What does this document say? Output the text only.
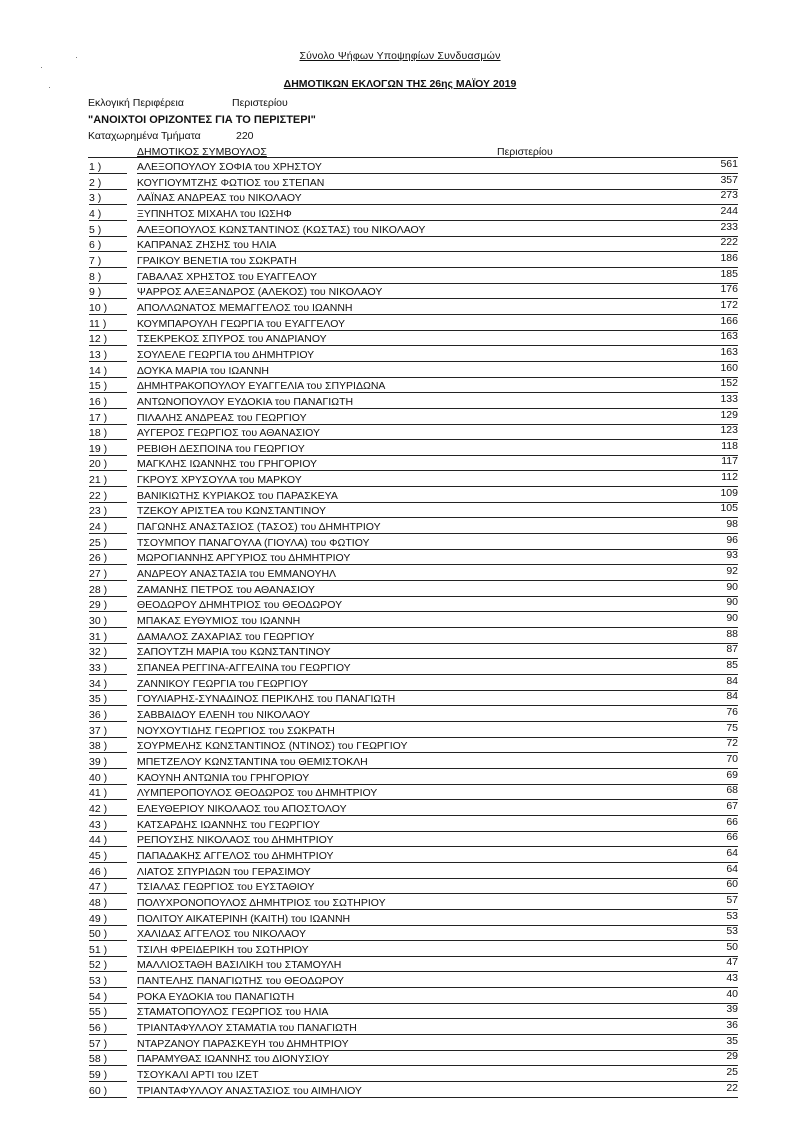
Σύνολο Ψήφων Υποψηφίων Συνδυασμών
ΔΗΜΟΤΙΚΩΝ ΕΚΛΟΓΩΝ ΤΗΣ 26ης ΜΑΪΟΥ 2019
Εκλογική Περιφέρεια	Περιστερίου
"ΑΝΟΙΧΤΟΙ ΟΡΙΖΟΝΤΕΣ ΓΙΑ ΤΟ ΠΕΡΙΣΤΕΡΙ"
Καταχωρημένα Τμήματα	220
ΔΗΜΟΤΙΚΟΣ ΣΥΜΒΟΥΛΟΣ	Περιστερίου
1 )	ΑΛΕΞΟΠΟΥΛΟΥ ΣΟΦΙΑ του ΧΡΗΣΤΟΥ	561
2 )	ΚΟΥΓΙΟΥΜΤΖΗΣ ΦΩΤΙΟΣ του ΣΤΕΠΑΝ	357
3 )	ΛΑΪΝΑΣ ΑΝΔΡΕΑΣ του ΝΙΚΟΛΑΟΥ	273
4 )	ΞΥΠΝΗΤΟΣ ΜΙΧΑΗΛ του ΙΩΣΗΦ	244
5 )	ΑΛΕΞΟΠΟΥΛΟΣ ΚΩΝΣΤΑΝΤΙΝΟΣ (ΚΩΣΤΑΣ) του ΝΙΚΟΛΑΟΥ	233
6 )	ΚΑΠΡΑΝΑΣ ΖΗΣΗΣ του ΗΛΙΑ	222
7 )	ΓΡΑΙΚΟΥ ΒΕΝΕΤΙΑ του ΣΩΚΡΑΤΗ	186
8 )	ΓΑΒΑΛΑΣ ΧΡΗΣΤΟΣ του ΕΥΑΓΓΕΛΟΥ	185
9 )	ΨΑΡΡΟΣ ΑΛΕΞΑΝΔΡΟΣ (ΑΛΕΚΟΣ) του ΝΙΚΟΛΑΟΥ	176
10 )	ΑΠΟΛΛΩΝΑΤΟΣ ΜΕΜΑΓΓΕΛΟΣ του ΙΩΑΝΝΗ	172
11 )	ΚΟΥΜΠΑΡΟΥΛΗ ΓΕΩΡΓΙΑ του ΕΥΑΓΓΕΛΟΥ	166
12 )	ΤΣΕΚΡΕΚΟΣ ΣΠΥΡΟΣ του ΑΝΔΡΙΑΝΟΥ	163
13 )	ΣΟΥΛΕΛΕ ΓΕΩΡΓΙΑ του ΔΗΜΗΤΡΙΟΥ	163
14 )	ΔΟΥΚΑ ΜΑΡΙΑ του ΙΩΑΝΝΗ	160
15 )	ΔΗΜΗΤΡΑΚΟΠΟΥΛΟΥ ΕΥΑΓΓΕΛΙΑ του ΣΠΥΡΙΔΩΝΑ	152
16 )	ΑΝΤΩΝΟΠΟΥΛΟΥ ΕΥΔΟΚΙΑ του ΠΑΝΑΓΙΩΤΗ	133
17 )	ΠΙΛΑΛΗΣ ΑΝΔΡΕΑΣ του ΓΕΩΡΓΙΟΥ	129
18 )	ΑΥΓΕΡΟΣ ΓΕΩΡΓΙΟΣ του ΑΘΑΝΑΣΙΟΥ	123
19 )	ΡΕΒΙΘΗ ΔΕΣΠΟΙΝΑ του ΓΕΩΡΓΙΟΥ	118
20 )	ΜΑΓΚΛΗΣ ΙΩΑΝΝΗΣ του ΓΡΗΓΟΡΙΟΥ	117
21 )	ΓΚΡΟΥΣ ΧΡΥΣΟΥΛΑ του ΜΑΡΚΟΥ	112
22 )	ΒΑΝΙΚΙΩΤΗΣ ΚΥΡΙΑΚΟΣ του ΠΑΡΑΣΚΕΥΑ	109
23 )	ΤΖΕΚΟΥ ΑΡΙΣΤΕΑ του ΚΩΝΣΤΑΝΤΙΝΟΥ	105
24 )	ΠΑΓΩΝΗΣ ΑΝΑΣΤΑΣΙΟΣ (ΤΑΣΟΣ) του ΔΗΜΗΤΡΙΟΥ	98
25 )	ΤΣΟΥΜΠΟΥ ΠΑΝΑΓΟΥΛΑ (ΓΙΟΥΛΑ) του ΦΩΤΙΟΥ	96
26 )	ΜΩΡΟΓΙΑΝΝΗΣ ΑΡΓΥΡΙΟΣ του ΔΗΜΗΤΡΙΟΥ	93
27 )	ΑΝΔΡΕΟΥ ΑΝΑΣΤΑΣΙΑ του ΕΜΜΑΝΟΥΗΛ	92
28 )	ΖΑΜΑΝΗΣ ΠΕΤΡΟΣ του ΑΘΑΝΑΣΙΟΥ	90
29 )	ΘΕΟΔΩΡΟΥ ΔΗΜΗΤΡΙΟΣ του ΘΕΟΔΩΡΟΥ	90
30 )	ΜΠΑΚΑΣ ΕΥΘΥΜΙΟΣ του ΙΩΑΝΝΗ	90
31 )	ΔΑΜΑΛΟΣ ΖΑΧΑΡΙΑΣ του ΓΕΩΡΓΙΟΥ	88
32 )	ΣΑΠΟΥΤΖΗ ΜΑΡΙΑ του ΚΩΝΣΤΑΝΤΙΝΟΥ	87
33 )	ΣΠΑΝΕΑ ΡΕΓΓΙΝΑ-ΑΓΓΕΛΙΝΑ του ΓΕΩΡΓΙΟΥ	85
34 )	ΖΑΝΝΙΚΟΥ ΓΕΩΡΓΙΑ του ΓΕΩΡΓΙΟΥ	84
35 )	ΓΟΥΛΙΑΡΗΣ-ΣΥΝΑΔΙΝΟΣ ΠΕΡΙΚΛΗΣ του ΠΑΝΑΓΙΩΤΗ	84
36 )	ΣΑΒΒΑΙΔΟΥ ΕΛΕΝΗ του ΝΙΚΟΛΑΟΥ	76
37 )	ΝΟΥΧΟΥΤΙΔΗΣ ΓΕΩΡΓΙΟΣ του ΣΩΚΡΑΤΗ	75
38 )	ΣΟΥΡΜΕΛΗΣ ΚΩΝΣΤΑΝΤΙΝΟΣ (ΝΤΙΝΟΣ) του ΓΕΩΡΓΙΟΥ	72
39 )	ΜΠΕΤΖΕΛΟΥ ΚΩΝΣΤΑΝΤΙΝΑ του ΘΕΜΙΣΤΟΚΛΗ	70
40 )	ΚΑΟΥΝΗ ΑΝΤΩΝΙΑ του ΓΡΗΓΟΡΙΟΥ	69
41 )	ΛΥΜΠΕΡΟΠΟΥΛΟΣ ΘΕΟΔΩΡΟΣ του ΔΗΜΗΤΡΙΟΥ	68
42 )	ΕΛΕΥΘΕΡΙΟΥ ΝΙΚΟΛΑΟΣ του ΑΠΟΣΤΟΛΟΥ	67
43 )	ΚΑΤΣΑΡΔΗΣ ΙΩΑΝΝΗΣ του ΓΕΩΡΓΙΟΥ	66
44 )	ΡΕΠΟΥΣΗΣ ΝΙΚΟΛΑΟΣ του ΔΗΜΗΤΡΙΟΥ	66
45 )	ΠΑΠΑΔΑΚΗΣ ΑΓΓΕΛΟΣ του ΔΗΜΗΤΡΙΟΥ	64
46 )	ΛΙΑΤΟΣ ΣΠΥΡΙΔΩΝ του ΓΕΡΑΣΙΜΟΥ	64
47 )	ΤΣΙΑΛΑΣ ΓΕΩΡΓΙΟΣ του ΕΥΣΤΑΘΙΟΥ	60
48 )	ΠΟΛΥΧΡΟΝΟΠΟΥΛΟΣ ΔΗΜΗΤΡΙΟΣ του ΣΩΤΗΡΙΟΥ	57
49 )	ΠΟΛΙΤΟΥ ΑΙΚΑΤΕΡΙΝΗ (ΚΑΙΤΗ) του ΙΩΑΝΝΗ	53
50 )	ΧΑΛΙΔΑΣ ΑΓΓΕΛΟΣ του ΝΙΚΟΛΑΟΥ	53
51 )	ΤΣΙΛΗ ΦΡΕΙΔΕΡΙΚΗ του ΣΩΤΗΡΙΟΥ	50
52 )	ΜΑΛΛΙΟΣΤΑΘΗ ΒΑΣΙΛΙΚΗ του ΣΤΑΜΟΥΛΗ	47
53 )	ΠΑΝΤΕΛΗΣ ΠΑΝΑΓΙΩΤΗΣ του ΘΕΟΔΩΡΟΥ	43
54 )	ΡΟΚΑ ΕΥΔΟΚΙΑ του ΠΑΝΑΓΙΩΤΗ	40
55 )	ΣΤΑΜΑΤΟΠΟΥΛΟΣ ΓΕΩΡΓΙΟΣ του ΗΛΙΑ	39
56 )	ΤΡΙΑΝΤΑΦΥΛΛΟΥ ΣΤΑΜΑΤΙΑ του ΠΑΝΑΓΙΩΤΗ	36
57 )	ΝΤΑΡΖΑΝΟΥ ΠΑΡΑΣΚΕΥΗ του ΔΗΜΗΤΡΙΟΥ	35
58 )	ΠΑΡΑΜΥΘΑΣ ΙΩΑΝΝΗΣ του ΔΙΟΝΥΣΙΟΥ	29
59 )	ΤΣΟΥΚΑΛΙ ΑΡΤΙ του ΙΖΕΤ	25
60 )	ΤΡΙΑΝΤΑΦΥΛΛΟΥ ΑΝΑΣΤΑΣΙΟΣ του ΑΙΜΗΛΙΟΥ	22
·
·
·
